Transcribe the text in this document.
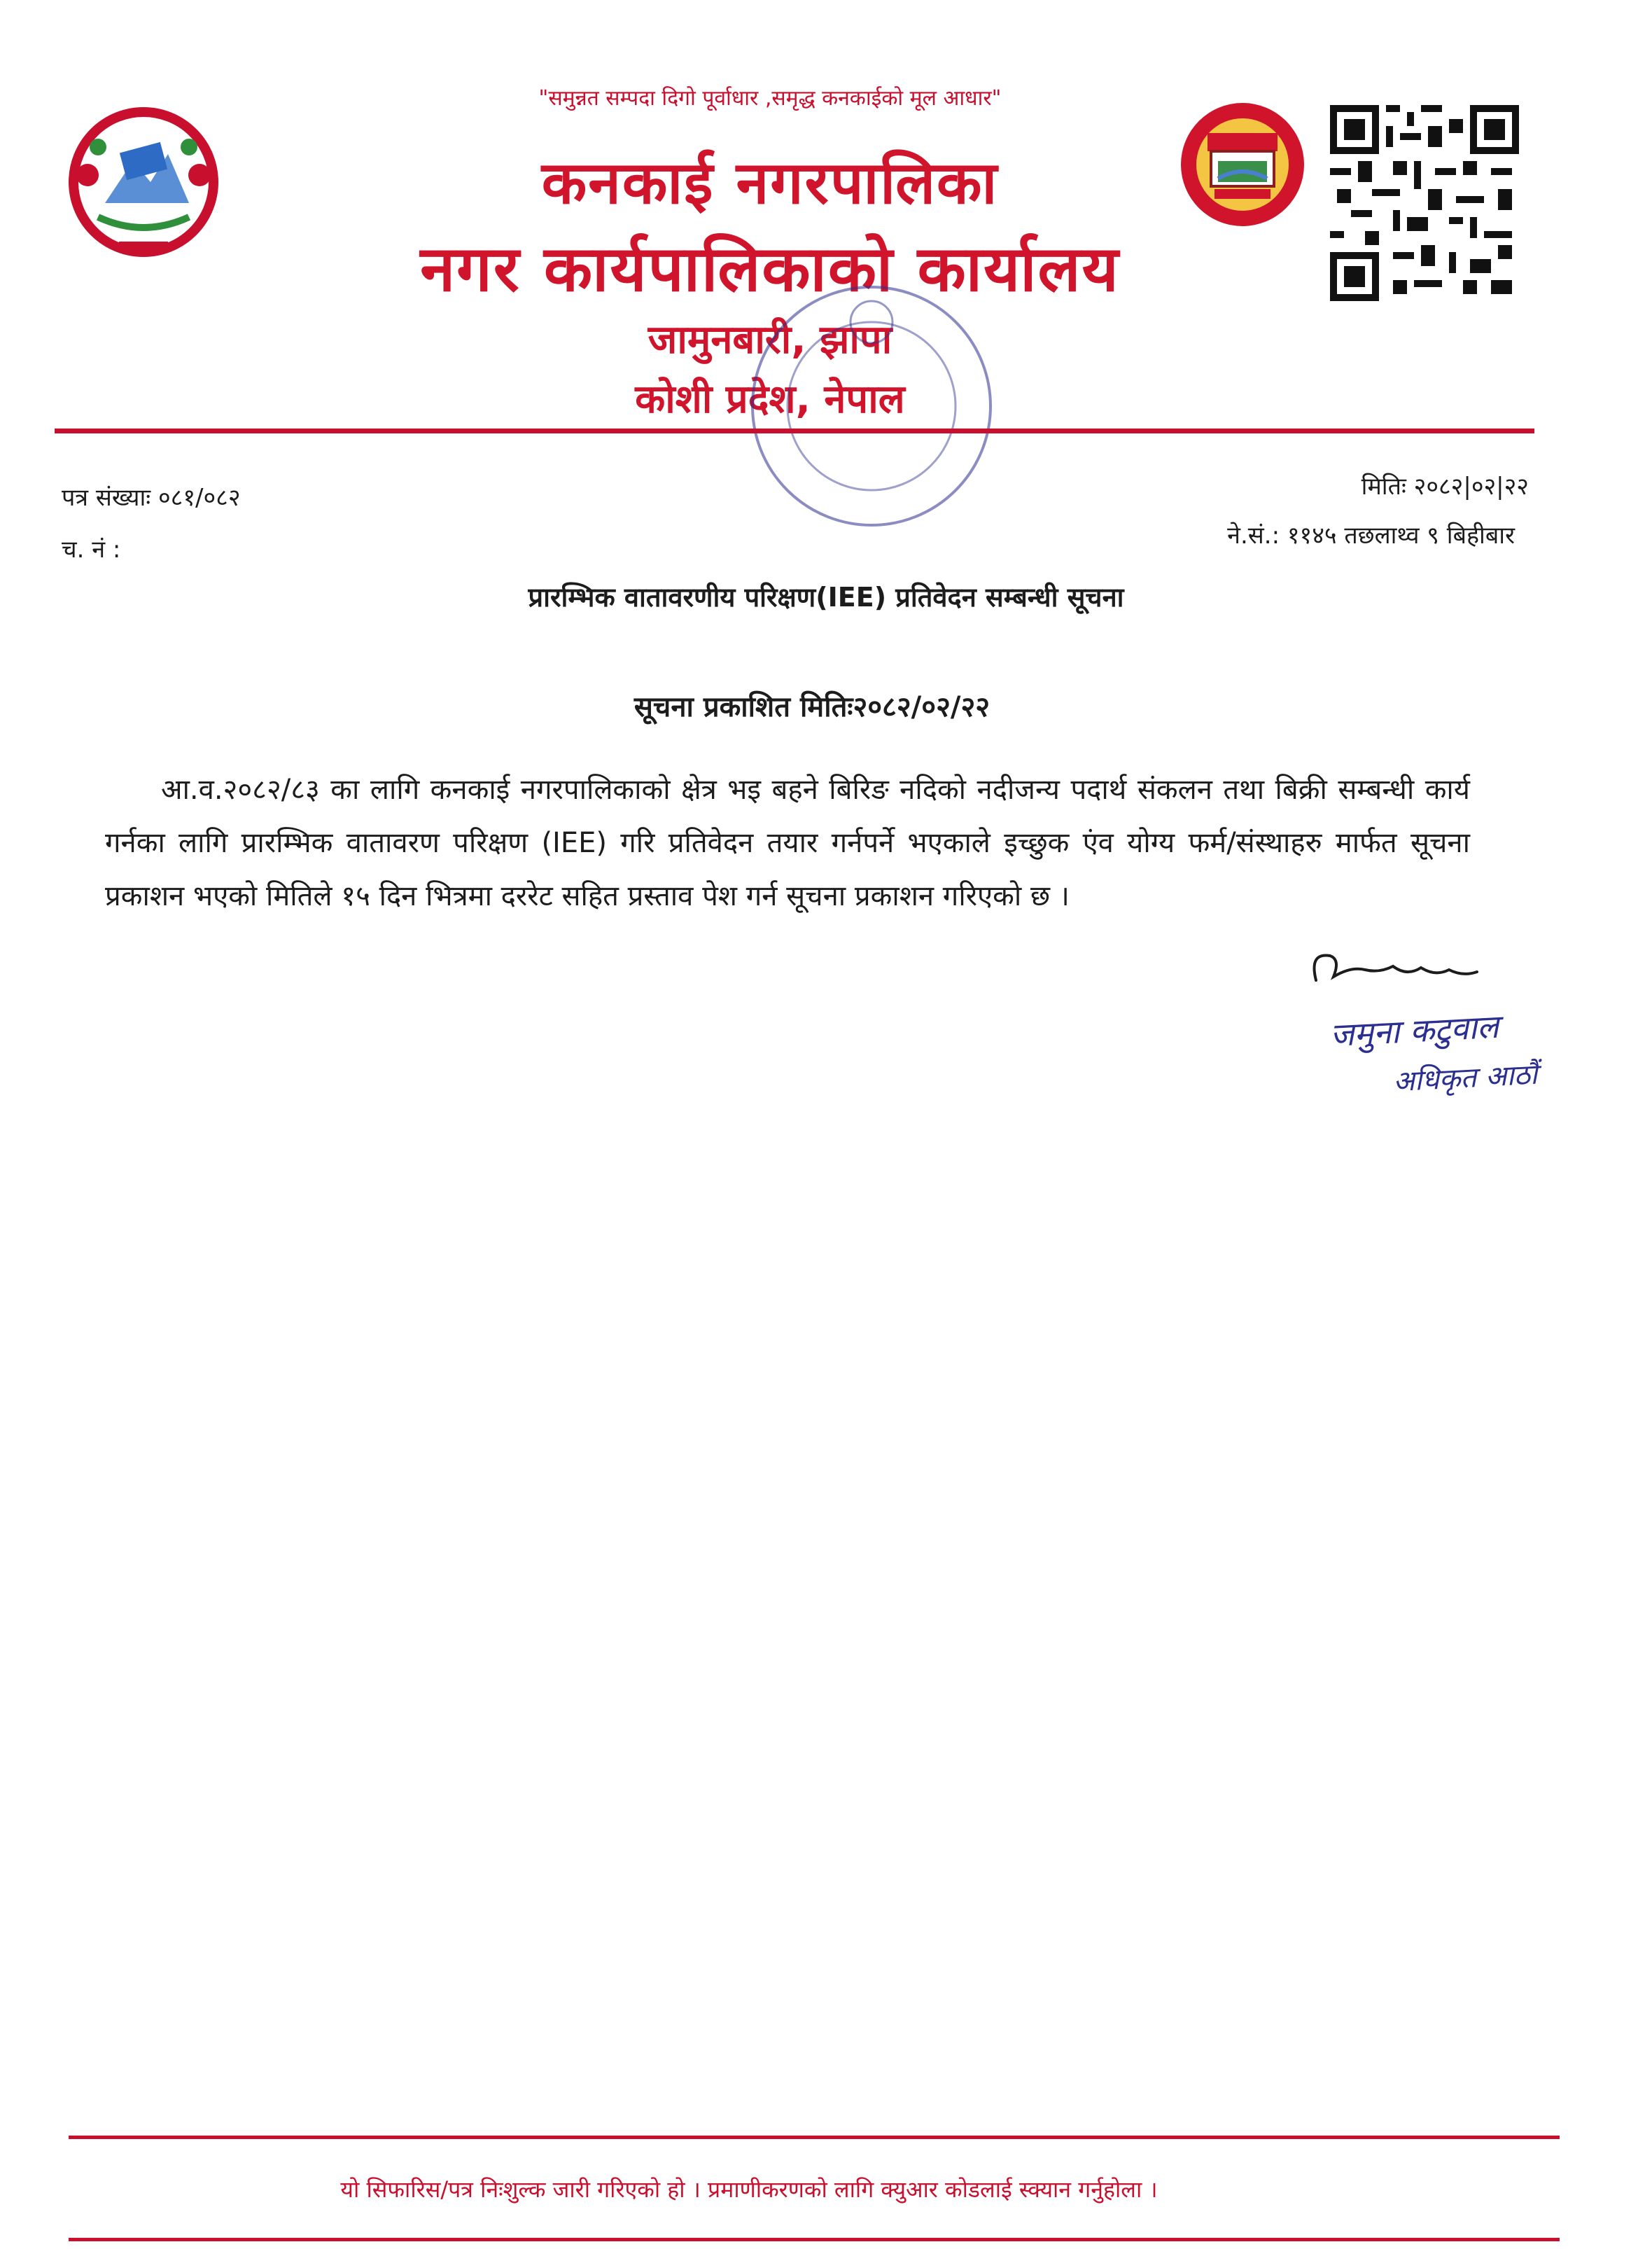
"समुन्नत सम्पदा दिगो पूर्वाधार ,समृद्ध कनकाईको मूल आधार"
कनकाई नगरपालिका
नगर कार्यपालिकाको कार्यालय
जामुनबारी, झापा
कोशी प्रदेश, नेपाल
पत्र संख्याः ०८१/०८२
च. नं :
मितिः २०८२|०२|२२
ने.सं.: ११४५ तछलाथ्व ९ बिहीबार
प्रारम्भिक वातावरणीय परिक्षण(IEE) प्रतिवेदन सम्बन्धी सूचना
सूचना प्रकाशित मितिः२०८२/०२/२२
आ.व.२०८२/८३ का लागि कनकाई नगरपालिकाको क्षेत्र भइ बहने बिरिङ नदिको नदीजन्य पदार्थ संकलन तथा बिक्री सम्बन्धी कार्य गर्नका लागि प्रारम्भिक वातावरण परिक्षण (IEE) गरि प्रतिवेदन तयार गर्नपर्ने भएकाले इच्छुक एंव योग्य फर्म/संस्थाहरु मार्फत सूचना प्रकाशन भएको मितिले १५ दिन भित्रमा दररेट सहित प्रस्ताव पेश गर्न सूचना प्रकाशन गरिएको छ ।
जमुना कटुवाल
अधिकृत आठौं
यो सिफारिस/पत्र निःशुल्क जारी गरिएको हो । प्रमाणीकरणको लागि क्युआर कोडलाई स्क्यान गर्नुहोला ।
